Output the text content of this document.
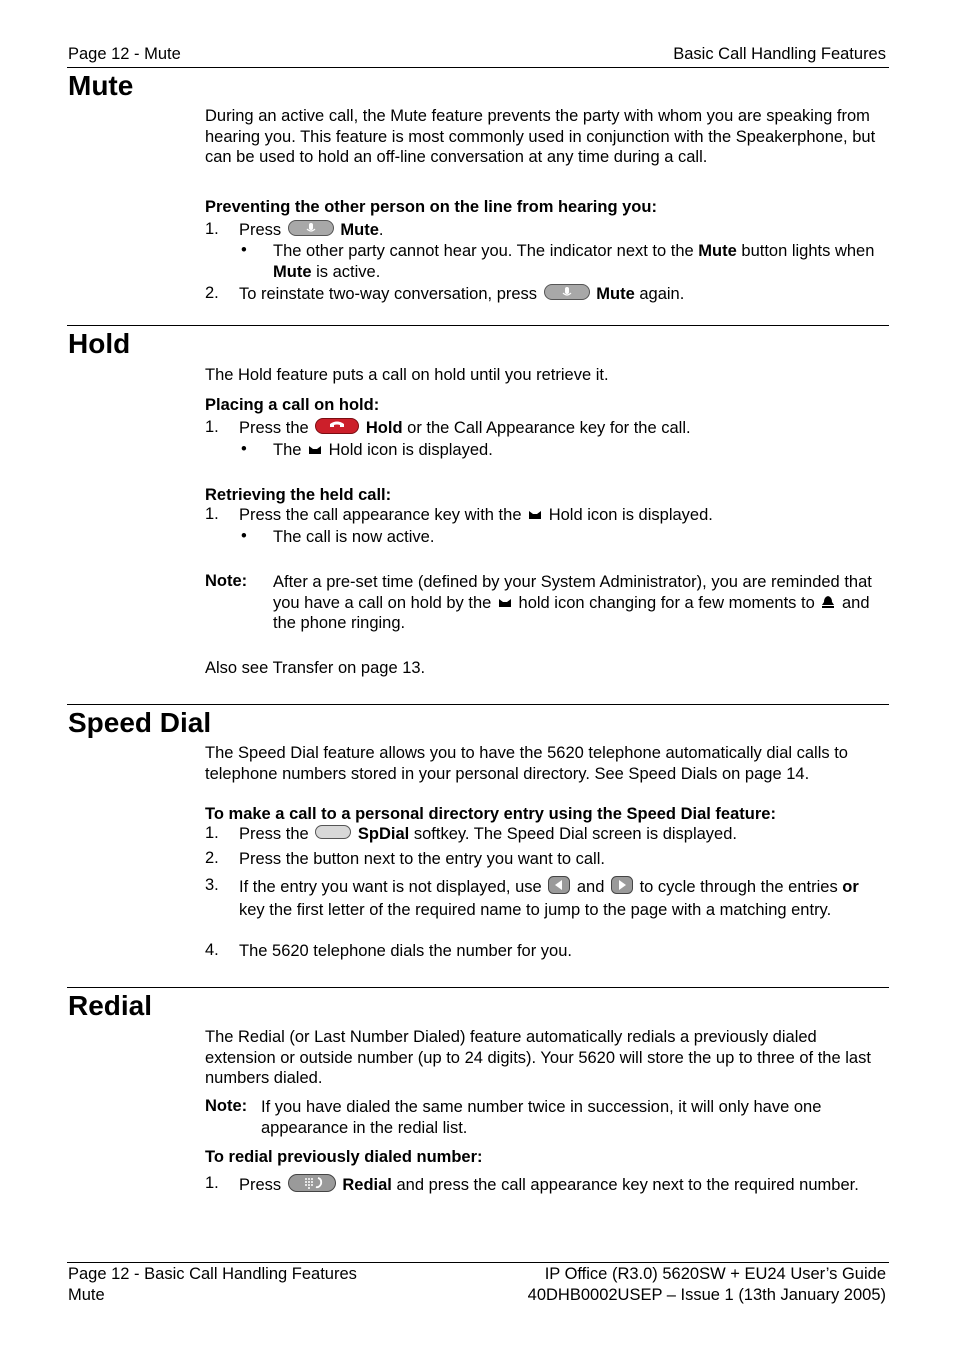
Page 12 - Mute	Basic Call Handling Features
Mute

During an active call, the Mute feature prevents the party with whom you are speaking from hearing you. This feature is most commonly used in conjunction with the Speakerphone, but can be used to hold an off-line conversation at any time during a call.

Preventing the other person on the line from hearing you:
1. Press	Mute.
• The other party cannot hear you. The indicator next to the Mute button lights when Mute is active.
2. To reinstate two-way conversation, press	Mute again.
Hold
The Hold feature puts a call on hold until you retrieve it.
Placing a call on hold:
1. Press the	Hold or the Call Appearance key for the call.
• The Hold icon is displayed.
Retrieving the held call:
1. Press the call appearance key with the Hold icon is displayed.
• The call is now active.
Note: After a pre-set time (defined by your System Administrator), you are reminded that you have a call on hold by the hold icon changing for a few moments to and the phone ringing.
Also see Transfer on page 13.
Speed Dial

The Speed Dial feature allows you to have the 5620 telephone automatically dial calls to telephone numbers stored in your personal directory. See Speed Dials on page 14.

To make a call to a personal directory entry using the Speed Dial feature:
1. Press the	SpDial softkey. The Speed Dial screen is displayed.
2. Press the button next to the entry you want to call.
3. If the entry you want is not displayed, use and to cycle through the entries or key the first letter of the required name to jump to the page with a matching entry.
4. The 5620 telephone dials the number for you.
Redial

The Redial (or Last Number Dialed) feature automatically redials a previously dialed extension or outside number (up to 24 digits). Your 5620 will store the up to three of the last numbers dialed.

Note: If you have dialed the same number twice in succession, it will only have one appearance in the redial list.
To redial previously dialed number:
1. Press	Redial and press the call appearance key next to the required number.
Page 12 - Basic Call Handling Features
Mute
IP Office (R3.0) 5620SW + EU24 User’s Guide
40DHB0002USEP – Issue 1 (13th January 2005)
